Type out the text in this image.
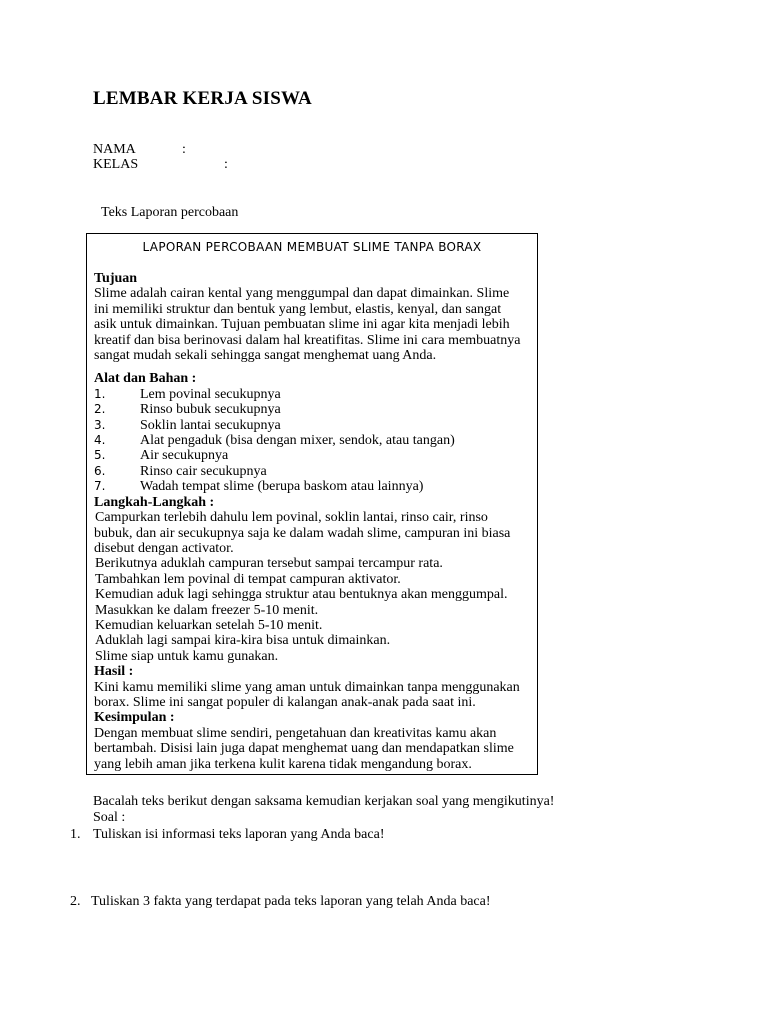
LEMBAR KERJA SISWA
NAMA	:
KELAS	:
Teks Laporan percobaan
LAPORAN PERCOBAAN MEMBUAT SLIME TANPA BORAX

Tujuan

Slime adalah cairan kental yang menggumpal dan dapat dimainkan. Slime

ini memiliki struktur dan bentuk yang lembut, elastis, kenyal, dan sangat

asik untuk dimainkan. Tujuan pembuatan slime ini agar kita menjadi lebih

kreatif dan bisa berinovasi dalam hal kreatifitas. Slime ini cara membuatnya

sangat mudah sekali sehingga sangat menghemat uang Anda.

Alat dan Bahan :

1.	Lem povinal secukupnya
2.	Rinso bubuk secukupnya
3.	Soklin lantai secukupnya
4.	Alat pengaduk (bisa dengan mixer, sendok, atau tangan)
5.	Air secukupnya
6.	Rinso cair secukupnya
7.	Wadah tempat slime (berupa baskom atau lainnya)

Langkah-Langkah :

Campurkan terlebih dahulu lem povinal, soklin lantai, rinso cair, rinso

bubuk, dan air secukupnya saja ke dalam wadah slime, campuran ini biasa

disebut dengan activator.

Berikutnya aduklah campuran tersebut sampai tercampur rata.

Tambahkan lem povinal di tempat campuran aktivator.

Kemudian aduk lagi sehingga struktur atau bentuknya akan menggumpal.

Masukkan ke dalam freezer 5-10 menit.

Kemudian keluarkan setelah 5-10 menit.

Aduklah lagi sampai kira-kira bisa untuk dimainkan.

Slime siap untuk kamu gunakan.

Hasil :

Kini kamu memiliki slime yang aman untuk dimainkan tanpa menggunakan

borax. Slime ini sangat populer di kalangan anak-anak pada saat ini.

Kesimpulan :

Dengan membuat slime sendiri, pengetahuan dan kreativitas kamu akan

bertambah. Disisi lain juga dapat menghemat uang dan mendapatkan slime

yang lebih aman jika terkena kulit karena tidak mengandung borax.

Bacalah teks berikut dengan saksama kemudian kerjakan soal yang mengikutinya!

Soal :

1. Tuliskan isi informasi teks laporan yang Anda baca!
2. Tuliskan 3 fakta yang terdapat pada teks laporan yang telah Anda baca!
